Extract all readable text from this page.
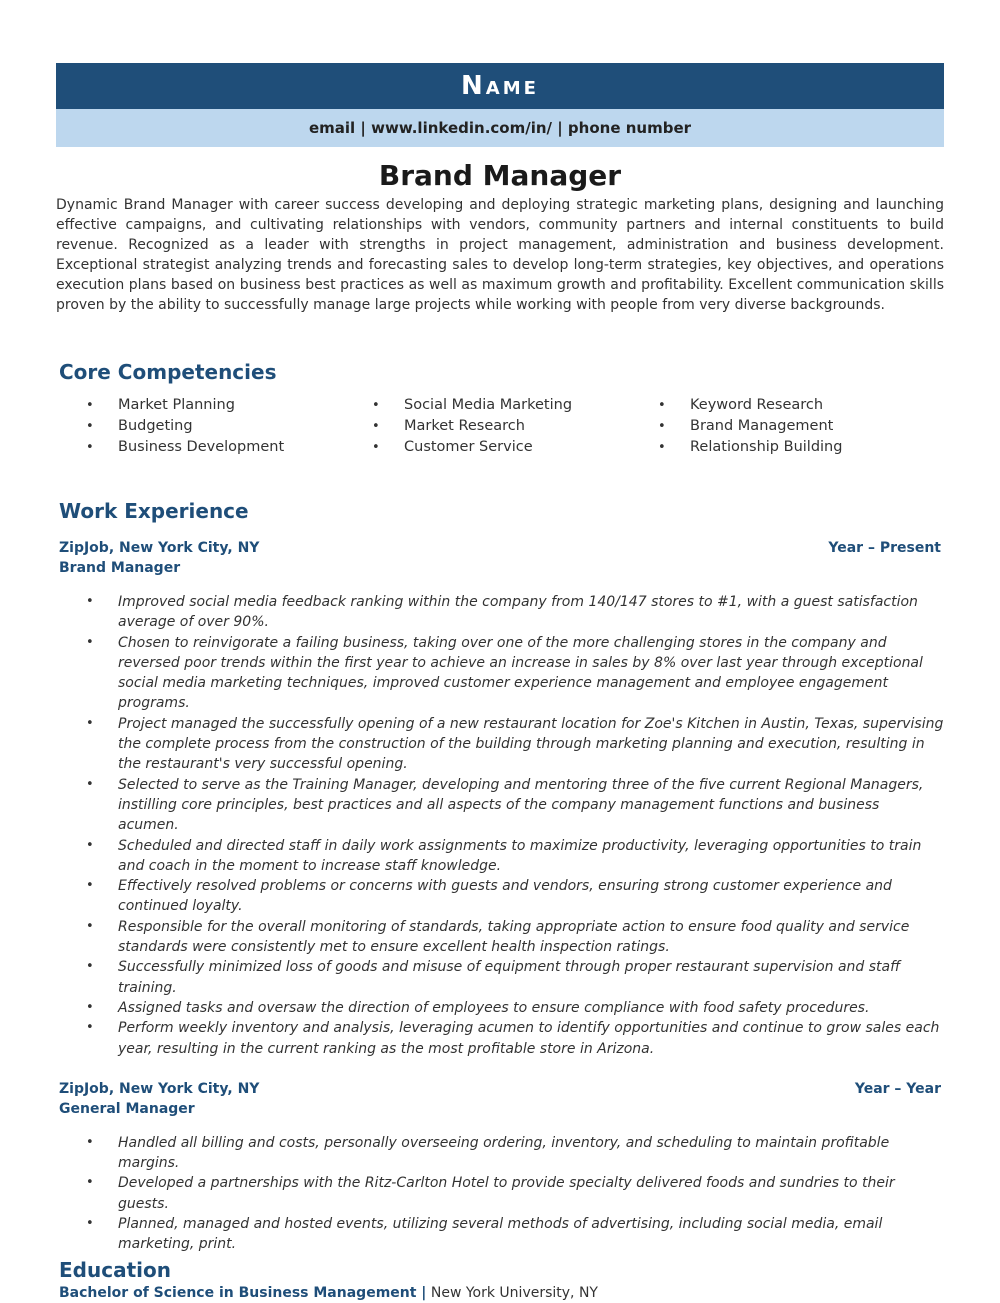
Name
email | www.linkedin.com/in/ | phone number
Brand Manager

Dynamic Brand Manager with career success developing and deploying strategic marketing plans, designing and launching effective campaigns, and cultivating relationships with vendors, community partners and internal constituents to build revenue. Recognized as a leader with strengths in project management, administration and business development. Exceptional strategist analyzing trends and forecasting sales to develop long-term strategies, key objectives, and operations execution plans based on business best practices as well as maximum growth and profitability. Excellent communication skills proven by the ability to successfully manage large projects while working with people from very diverse backgrounds.

Core Competencies
• Market Planning
• Budgeting
• Business Development
• Social Media Marketing
• Market Research
• Customer Service
• Keyword Research
• Brand Management
• Relationship Building
Work Experience
ZipJob, New York City, NY	Year – Present
Brand Manager
• Improved social media feedback ranking within the company from 140/147 stores to #1, with a guest satisfaction average of over 90%.
• Chosen to reinvigorate a failing business, taking over one of the more challenging stores in the company and reversed poor trends within the first year to achieve an increase in sales by 8% over last year through exceptional social media marketing techniques, improved customer experience management and employee engagement programs.
• Project managed the successfully opening of a new restaurant location for Zoe's Kitchen in Austin, Texas, supervising the complete process from the construction of the building through marketing planning and execution, resulting in the restaurant's very successful opening.
• Selected to serve as the Training Manager, developing and mentoring three of the five current Regional Managers, instilling core principles, best practices and all aspects of the company management functions and business acumen.
• Scheduled and directed staff in daily work assignments to maximize productivity, leveraging opportunities to train and coach in the moment to increase staff knowledge.
• Effectively resolved problems or concerns with guests and vendors, ensuring strong customer experience and continued loyalty.
• Responsible for the overall monitoring of standards, taking appropriate action to ensure food quality and service standards were consistently met to ensure excellent health inspection ratings.
• Successfully minimized loss of goods and misuse of equipment through proper restaurant supervision and staff training.
• Assigned tasks and oversaw the direction of employees to ensure compliance with food safety procedures.
• Perform weekly inventory and analysis, leveraging acumen to identify opportunities and continue to grow sales each year, resulting in the current ranking as the most profitable store in Arizona.
ZipJob, New York City, NY	Year – Year
General Manager
• Handled all billing and costs, personally overseeing ordering, inventory, and scheduling to maintain profitable margins.
• Developed a partnerships with the Ritz-Carlton Hotel to provide specialty delivered foods and sundries to their guests.
• Planned, managed and hosted events, utilizing several methods of advertising, including social media, email marketing, print.
Education
Bachelor of Science in Business Management | New York University, NY
